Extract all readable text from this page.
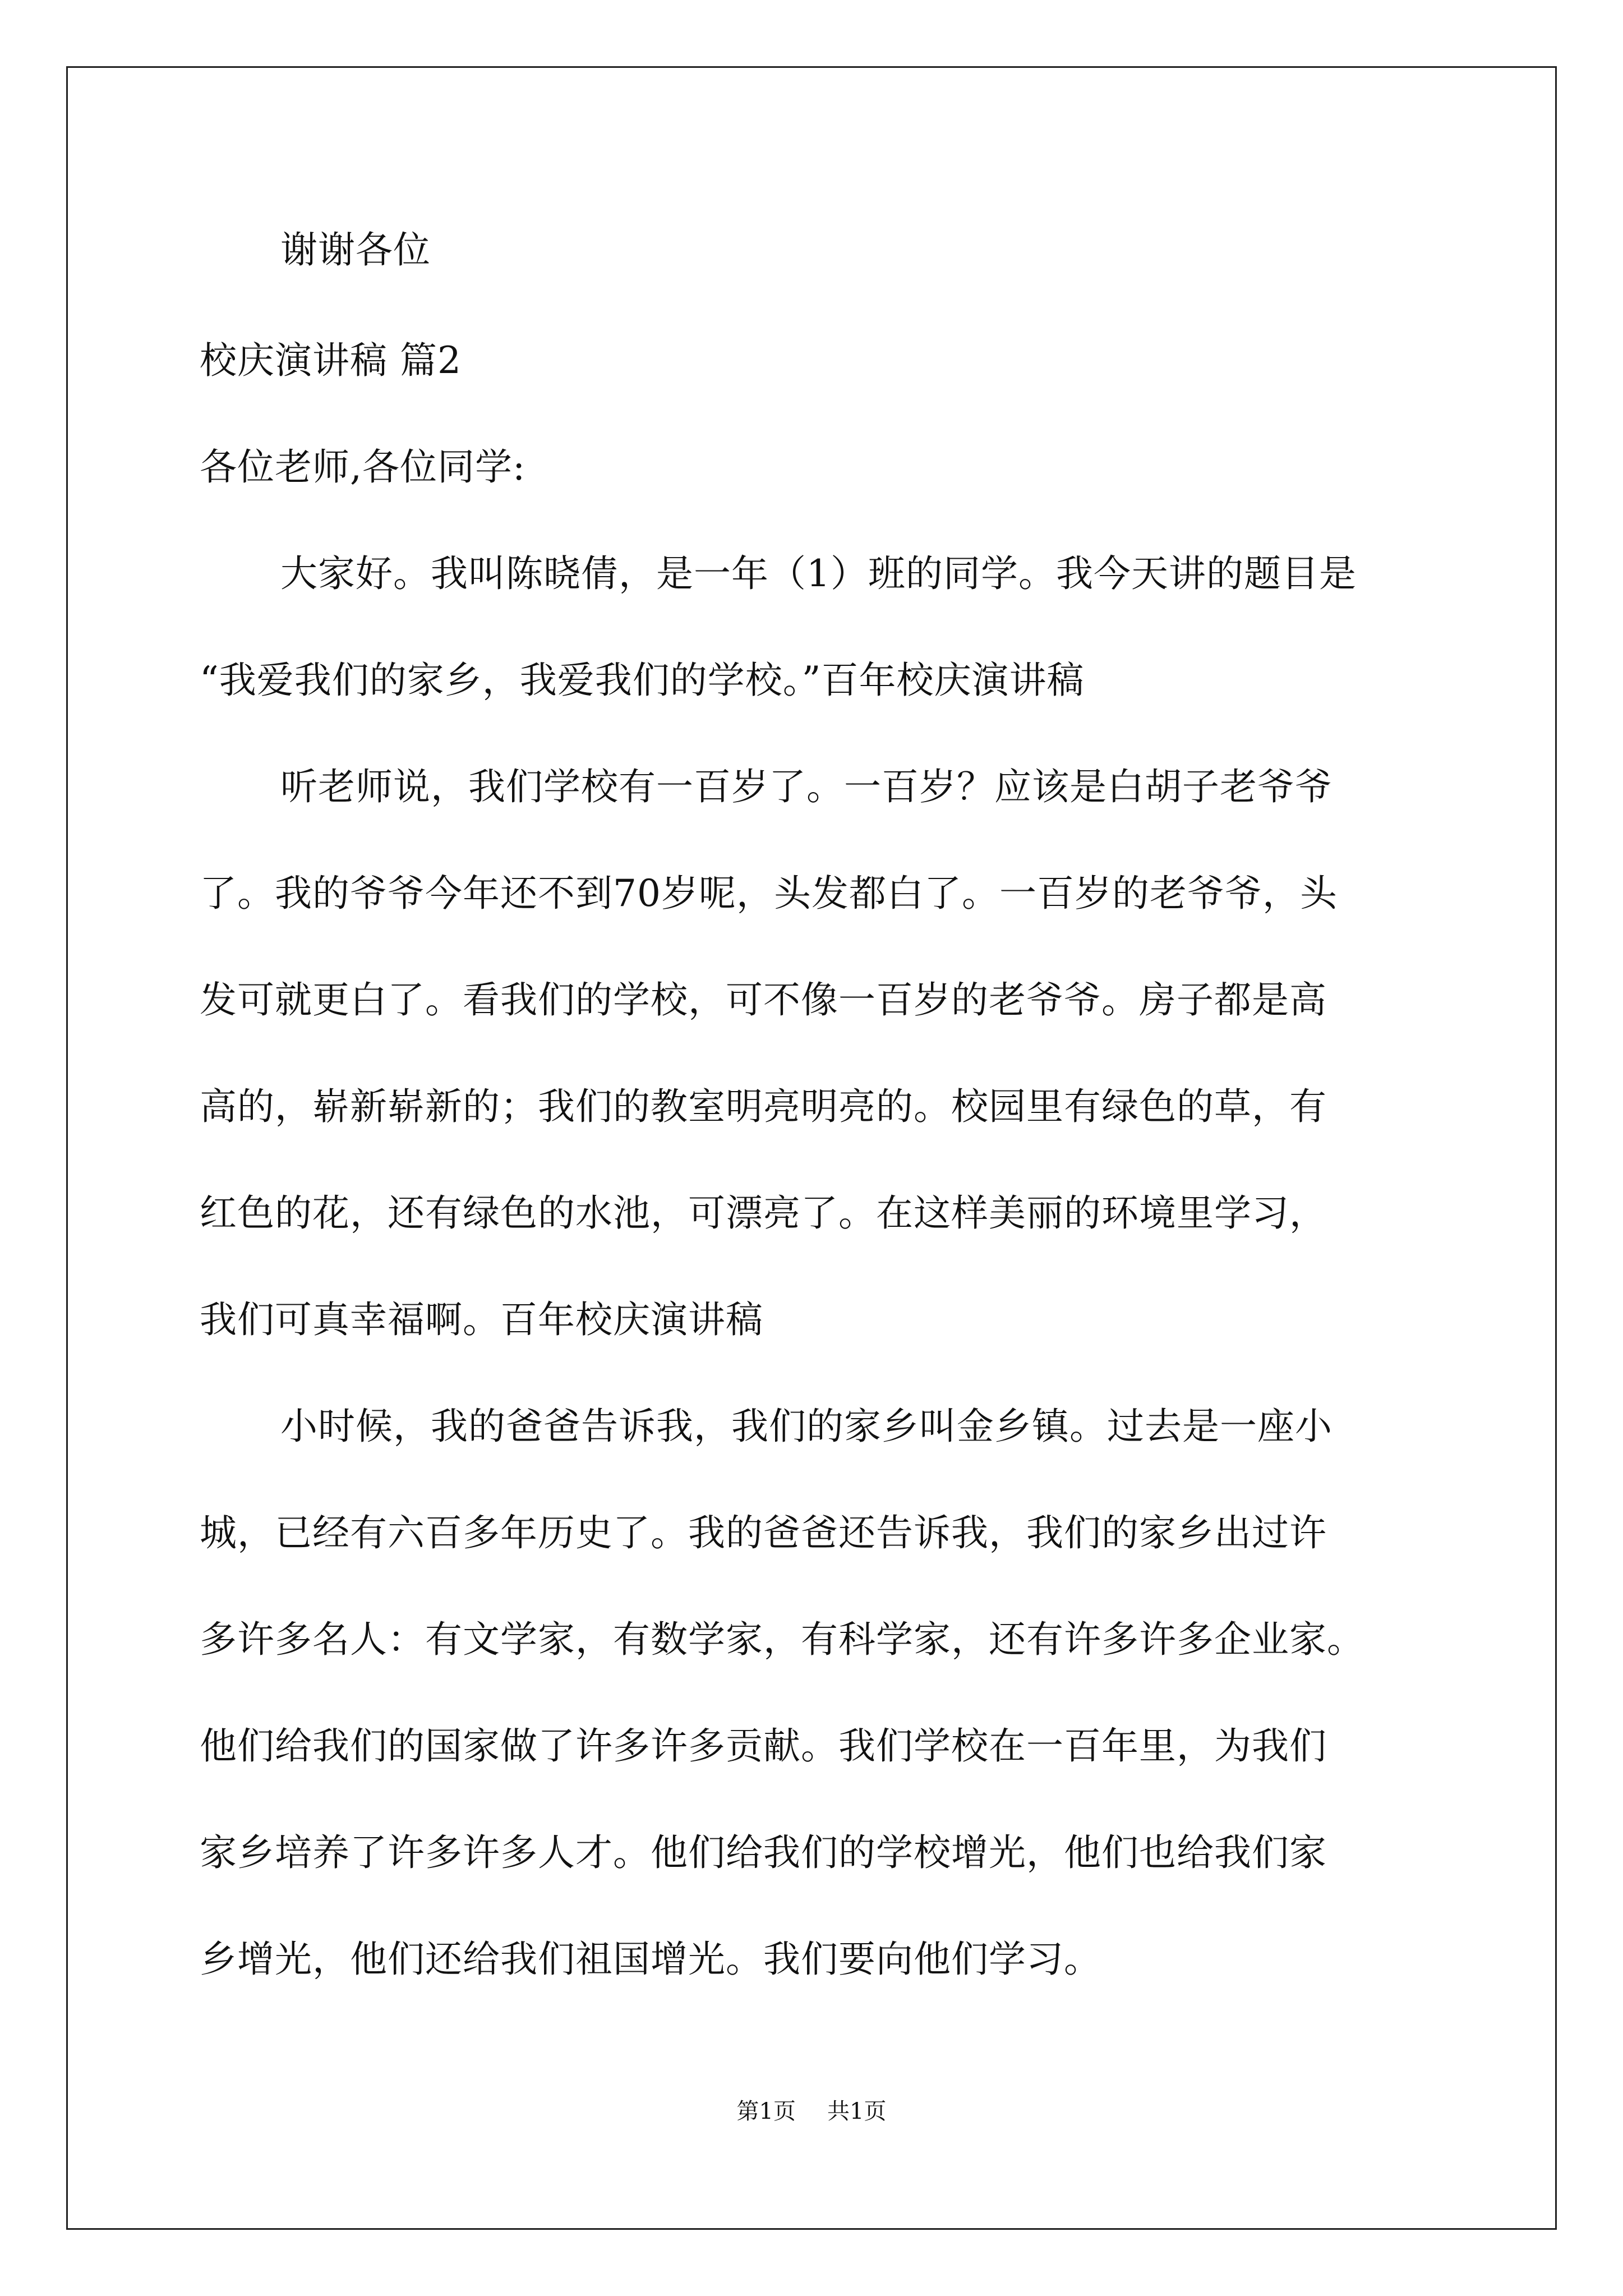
谢谢各位
校庆演讲稿 篇2
各位老师,各位同学:
大家好。我叫陈晓倩，是一年（1）班的同学。我今天讲的题目是
“我爱我们的家乡，我爱我们的学校。”百年校庆演讲稿
听老师说，我们学校有一百岁了。一百岁？应该是白胡子老爷爷
了。我的爷爷今年还不到70岁呢，头发都白了。一百岁的老爷爷，头
发可就更白了。看我们的学校，可不像一百岁的老爷爷。房子都是高
高的，崭新崭新的；我们的教室明亮明亮的。校园里有绿色的草，有
红色的花，还有绿色的水池，可漂亮了。在这样美丽的环境里学习，
我们可真幸福啊。百年校庆演讲稿
小时候，我的爸爸告诉我，我们的家乡叫金乡镇。过去是一座小
城，已经有六百多年历史了。我的爸爸还告诉我，我们的家乡出过许
多许多名人：有文学家，有数学家，有科学家，还有许多许多企业家。
他们给我们的国家做了许多许多贡献。我们学校在一百年里，为我们
家乡培养了许多许多人才。他们给我们的学校增光，他们也给我们家
乡增光，他们还给我们祖国增光。我们要向他们学习。
第1页 共1页
